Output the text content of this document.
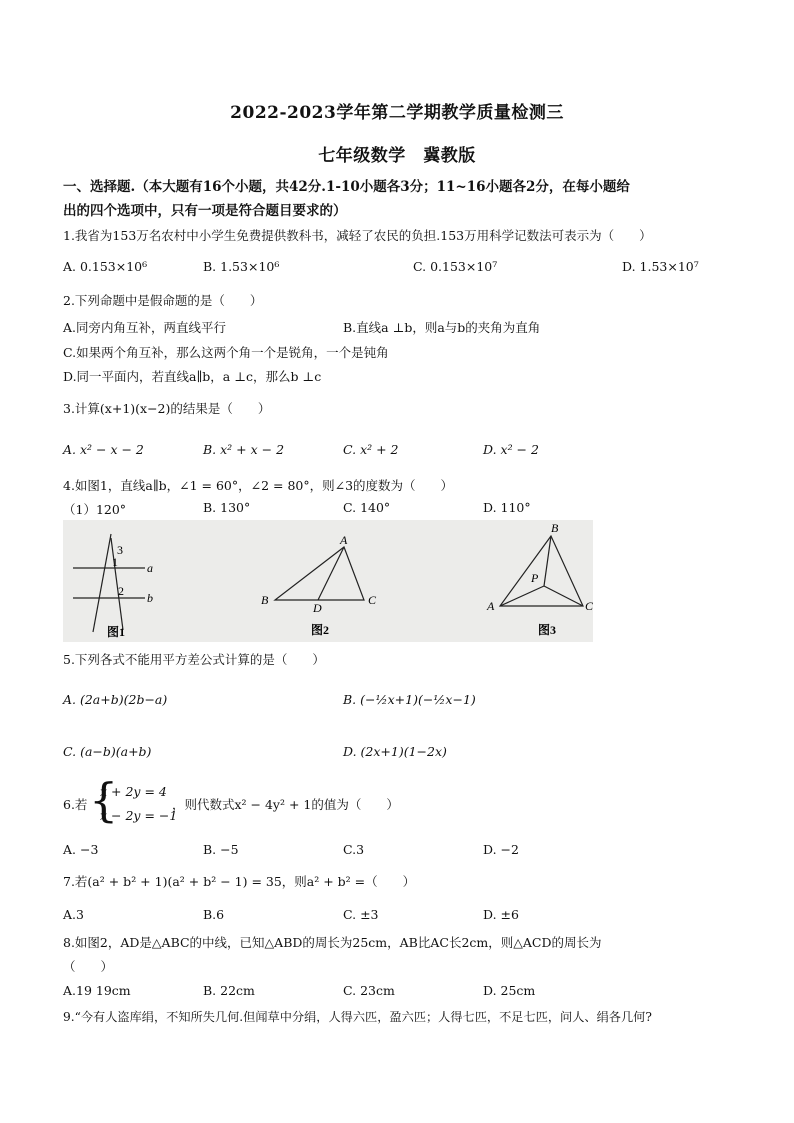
2022-2023学年第二学期教学质量检测三
七年级数学　冀教版
一、选择题.（本大题有16个小题，共42分.1-10小题各3分；11~16小题各2分，在每小题给
出的四个选项中，只有一项是符合题目要求的）
1.我省为153万名农村中小学生免费提供教科书，减轻了农民的负担.153万用科学记数法可表示为（　　）
A. 0.153×10⁶	B. 1.53×10⁶	C. 0.153×10⁷	D. 1.53×10⁷
2.下列命题中是假命题的是（　　）
A.同旁内角互补，两直线平行	B.直线a ⊥b，则a与b的夹角为直角
C.如果两个角互补，那么这两个角一个是锐角，一个是钝角
D.同一平面内，若直线a∥b，a ⊥c，那么b ⊥c
3.计算(x+1)(x−2)的结果是（　　）
A. x² − x − 2	B. x² + x − 2	C. x² + 2	D. x² − 2
4.如图1，直线a∥b，∠1 = 60°，∠2 = 80°，则∠3的度数为（　　）
（1）120°	B. 130°	C. 140°	D. 110°
3
1 a
2 b
图1
A
B
D
C
图2
B
P
A	C
图3
5.下列各式不能用平方差公式计算的是（　　）
A. (2a+b)(2b−a)	B. (−½x+1)(−½x−1)
C. (a−b)(a+b)	D. (2x+1)(1−2x)
6.若 {
x + 2y = 4
x − 2y = −1
，则代数式x² − 4y² + 1的值为（　　）
A. −3	B. −5	C.3	D. −2
7.若(a² + b² + 1)(a² + b² − 1) = 35，则a² + b² =（　　）
A.3	B.6	C. ±3	D. ±6
8.如图2，AD是△ABC的中线，已知△ABD的周长为25cm，AB比AC长2cm，则△ACD的周长为
（　　）
A.19 19cm	B. 22cm	C. 23cm	D. 25cm
9.“今有人盗库绢，不知所失几何.但闻草中分绢，人得六匹，盈六匹；人得七匹，不足七匹，问人、绢各几何?
